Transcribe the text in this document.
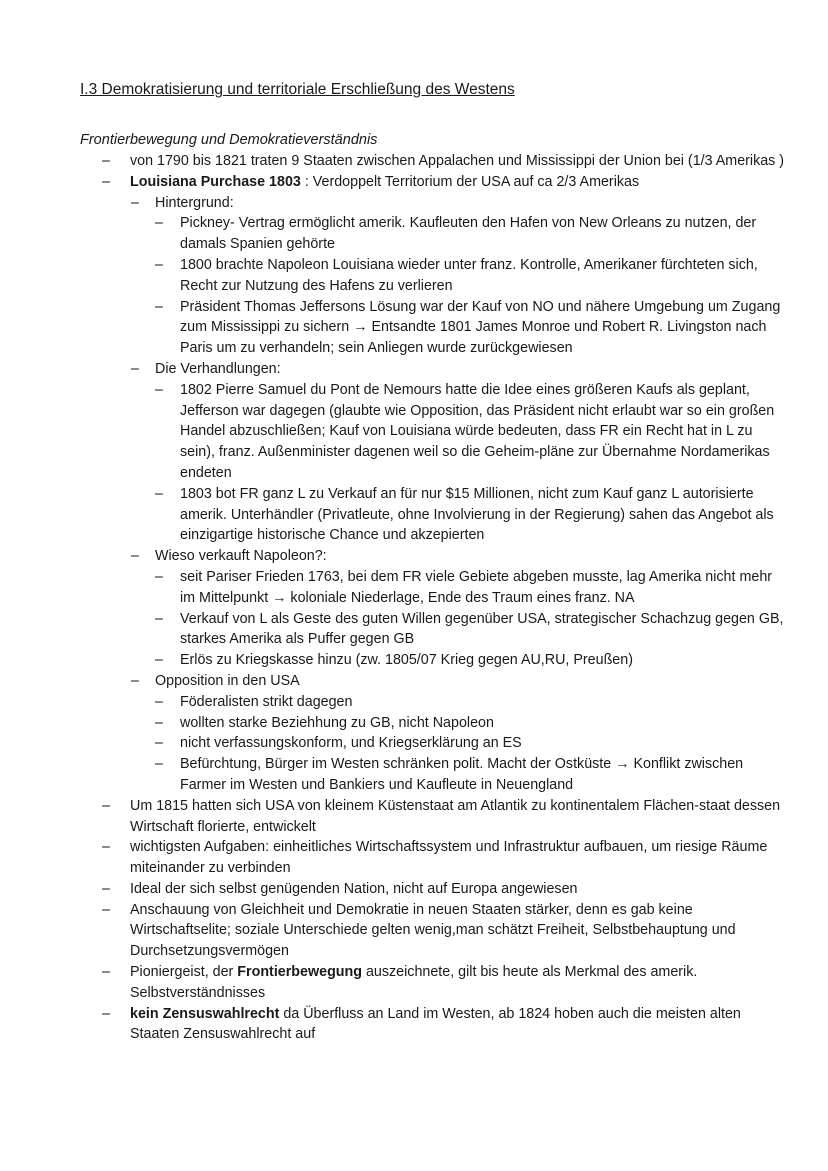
I.3 Demokratisierung und territoriale Erschließung des Westens

Frontierbewegung und Demokratieverständnis

– von 1790 bis 1821 traten 9 Staaten zwischen Appalachen und Mississippi der Union bei (1/3 Amerikas )
– Louisiana Purchase 1803 : Verdoppelt Territorium der USA auf ca 2/3 Amerikas
– Hintergrund:
– Pickney- Vertrag ermöglicht amerik. Kaufleuten den Hafen von New Orleans zu nutzen, der damals Spanien gehörte
– 1800 brachte Napoleon Louisiana wieder unter franz. Kontrolle, Amerikaner fürchteten sich, Recht zur Nutzung des Hafens zu verlieren
– Präsident Thomas Jeffersons Lösung war der Kauf von NO und nähere Umgebung um Zugang zum Mississippi zu sichern → Entsandte 1801 James Monroe und Robert R. Livingston nach Paris um zu verhandeln; sein Anliegen wurde zurückgewiesen
– Die Verhandlungen:
– 1802 Pierre Samuel du Pont de Nemours hatte die Idee eines größeren Kaufs als geplant, Jefferson war dagegen (glaubte wie Opposition, das Präsident nicht erlaubt war so ein großen Handel abzuschließen; Kauf von Louisiana würde bedeuten, dass FR ein Recht hat in L zu sein), franz. Außenminister dagenen weil so die Geheim-pläne zur Übernahme Nordamerikas endeten
– 1803 bot FR ganz L zu Verkauf an für nur $15 Millionen, nicht zum Kauf ganz L autorisierte amerik. Unterhändler (Privatleute, ohne Involvierung in der Regierung) sahen das Angebot als einzigartige historische Chance und akzepierten
– Wieso verkauft Napoleon?:
– seit Pariser Frieden 1763, bei dem FR viele Gebiete abgeben musste, lag Amerika nicht mehr im Mittelpunkt → koloniale Niederlage, Ende des Traum eines franz. NA
– Verkauf von L als Geste des guten Willen gegenüber USA, strategischer Schachzug gegen GB, starkes Amerika als Puffer gegen GB
– Erlös zu Kriegskasse hinzu (zw. 1805/07 Krieg gegen AU,RU, Preußen)
– Opposition in den USA
– Föderalisten strikt dagegen
– wollten starke Beziehhung zu GB, nicht Napoleon
– nicht verfassungskonform, und Kriegserklärung an ES
– Befürchtung, Bürger im Westen schränken polit. Macht der Ostküste → Konflikt zwischen Farmer im Westen und Bankiers und Kaufleute in Neuengland
– Um 1815 hatten sich USA von kleinem Küstenstaat am Atlantik zu kontinentalem Flächen-staat dessen Wirtschaft florierte, entwickelt
– wichtigsten Aufgaben: einheitliches Wirtschaftssystem und Infrastruktur aufbauen, um riesige Räume miteinander zu verbinden
– Ideal der sich selbst genügenden Nation, nicht auf Europa angewiesen
– Anschauung von Gleichheit und Demokratie in neuen Staaten stärker, denn es gab keine Wirtschaftselite; soziale Unterschiede gelten wenig,man schätzt Freiheit, Selbstbehauptung und Durchsetzungsvermögen
– Pioniergeist, der Frontierbewegung auszeichnete, gilt bis heute als Merkmal des amerik. Selbstverständnisses
– kein Zensuswahlrecht da Überfluss an Land im Westen, ab 1824 hoben auch die meisten alten Staaten Zensuswahlrecht auf
